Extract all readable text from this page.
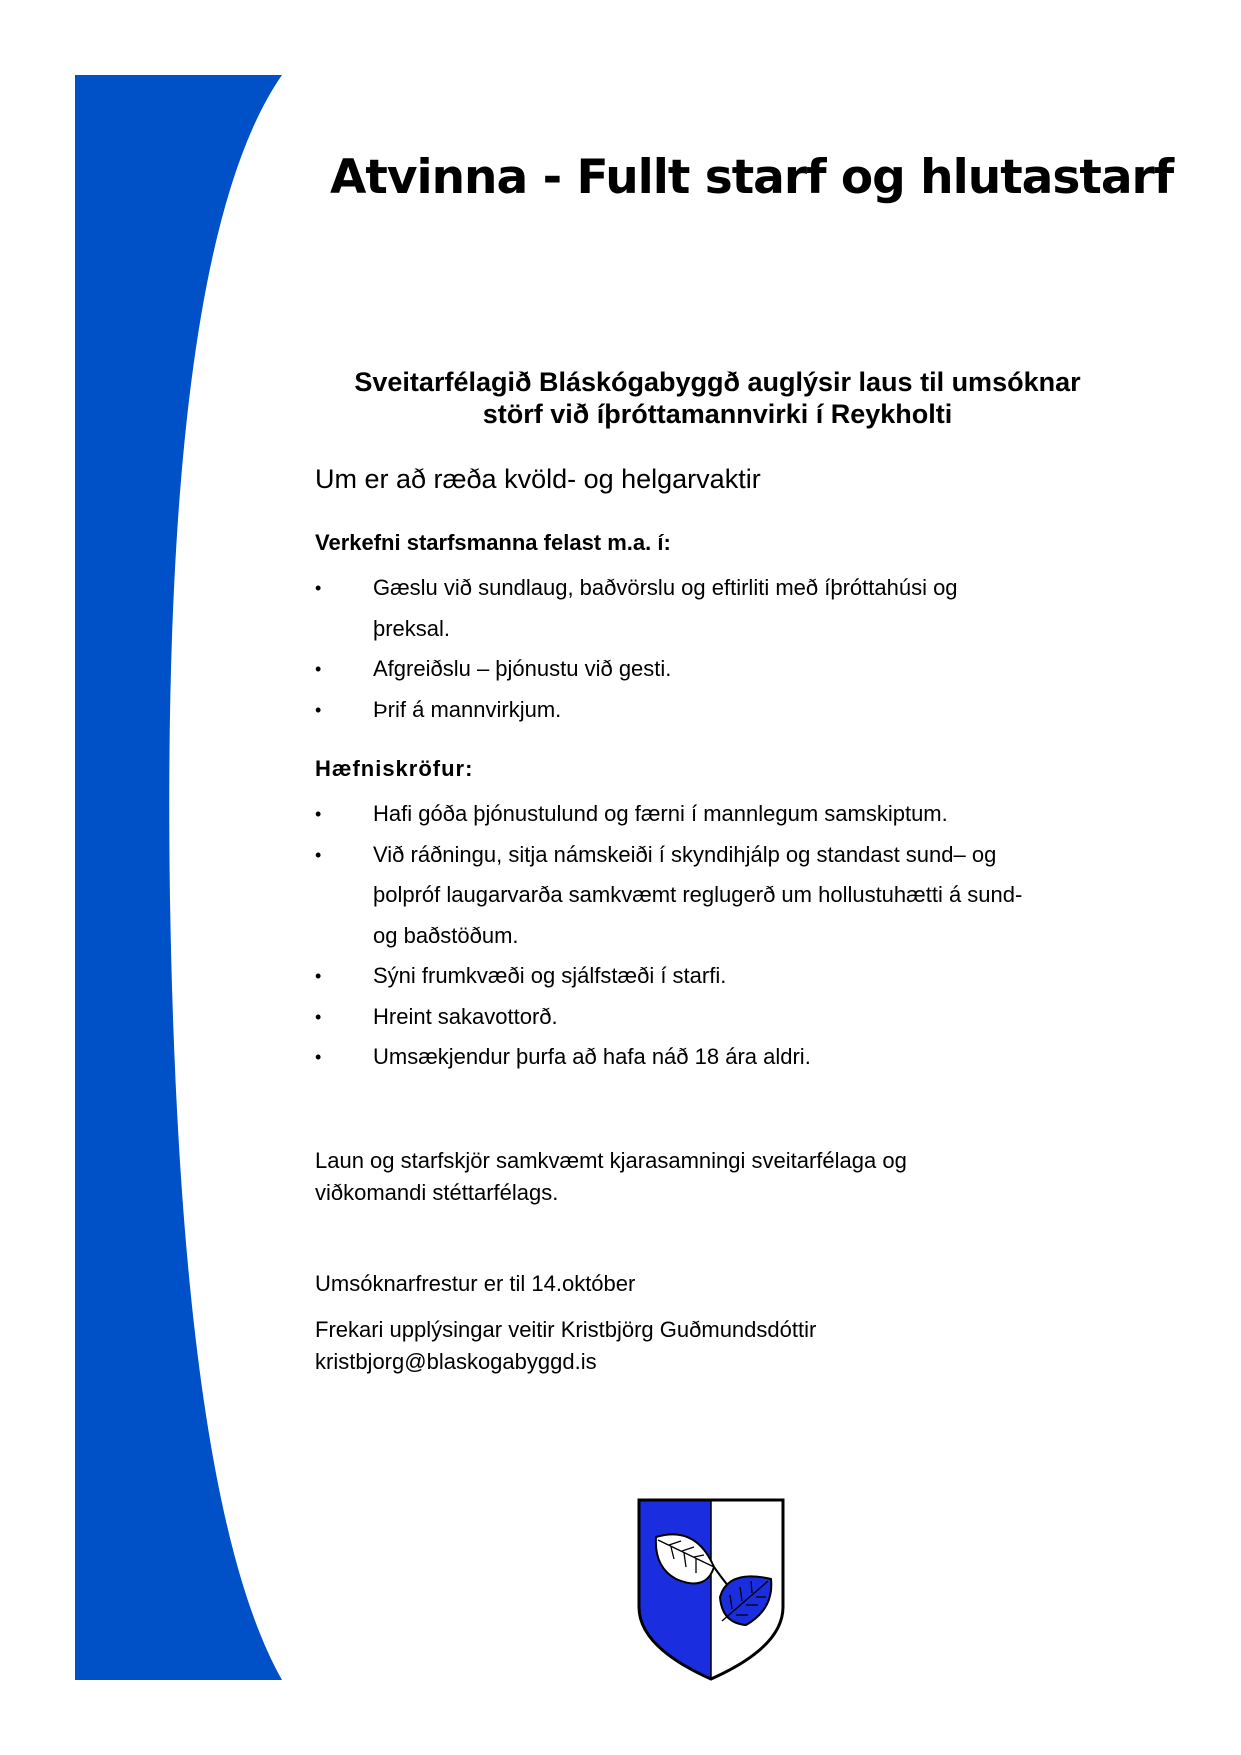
Atvinna - Fullt starf og hlutastarf
Sveitarfélagið Bláskógabyggð auglýsir laus til umsóknar
störf við íþróttamannvirki í Reykholti
Um er að ræða kvöld- og helgarvaktir
Verkefni starfsmanna felast m.a. í:
• Gæslu við sundlaug, baðvörslu og eftirliti með íþróttahúsi og
þreksal.
• Afgreiðslu – þjónustu við gesti.
• Þrif á mannvirkjum.
Hæfniskröfur:
• Hafi góða þjónustulund og færni í mannlegum samskiptum.
• Við ráðningu, sitja námskeiði í skyndihjálp og standast sund– og
þolpróf laugarvarða samkvæmt reglugerð um hollustuhætti á sund-
og baðstöðum.
• Sýni frumkvæði og sjálfstæði í starfi.
• Hreint sakavottorð.
• Umsækjendur þurfa að hafa náð 18 ára aldri.
Laun og starfskjör samkvæmt kjarasamningi sveitarfélaga og
viðkomandi stéttarfélags.
Umsóknarfrestur er til 14.október
Frekari upplýsingar veitir Kristbjörg Guðmundsdóttir
kristbjorg@blaskogabyggd.is
